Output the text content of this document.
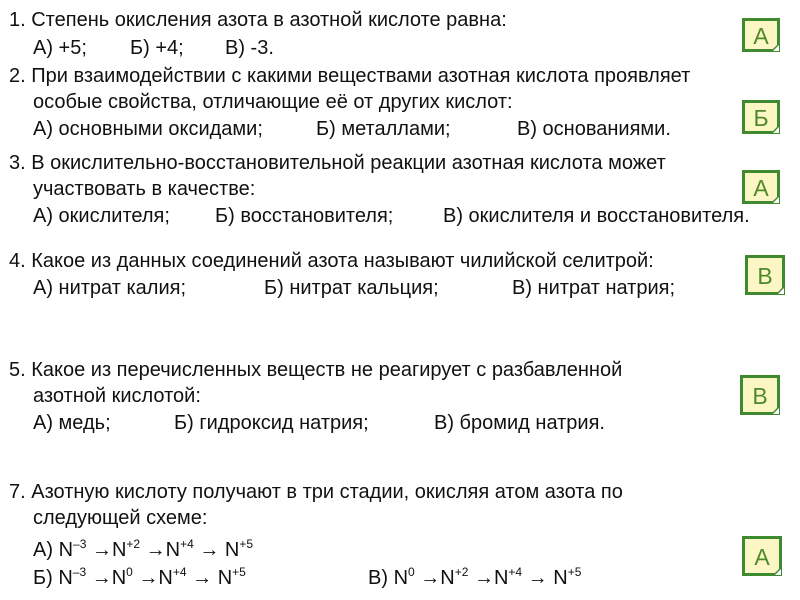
1. Степень окисления азота в азотной кислоте равна:
А) +5; Б) +4; В) -3.	А
2. При взаимодействии с какими веществами азотная кислота проявляет
особые свойства, отличающие её от других кислот:
А) основными оксидами;	Б) металлами;	В) основаниями.	Б
3. В окислительно-восстановительной реакции азотная кислота может
участвовать в качестве:
А) окислителя; Б) восстановителя; В) окислителя и восстановителя.
А
4. Какое из данных соединений азота называют чилийской селитрой:
А) нитрат калия;	Б) нитрат кальция;	В) нитрат натрия;	В
5. Какое из перечисленных веществ не реагирует с разбавленной
азотной кислотой:
А) медь;	Б) гидроксид натрия;	В) бромид натрия.
В
7. Азотную кислоту получают в три стадии, окисляя атом азота по
следующей схеме:
А) $N^{-3} \to N^{+2} \to N^{+4} \to N^{+5}$
Б) $N^{-3} \to N^0 \to N^{+4} \to N^{+5}$	В) $N^0 \to N^{+2} \to N^{+4} \to N^{+5}$
А
